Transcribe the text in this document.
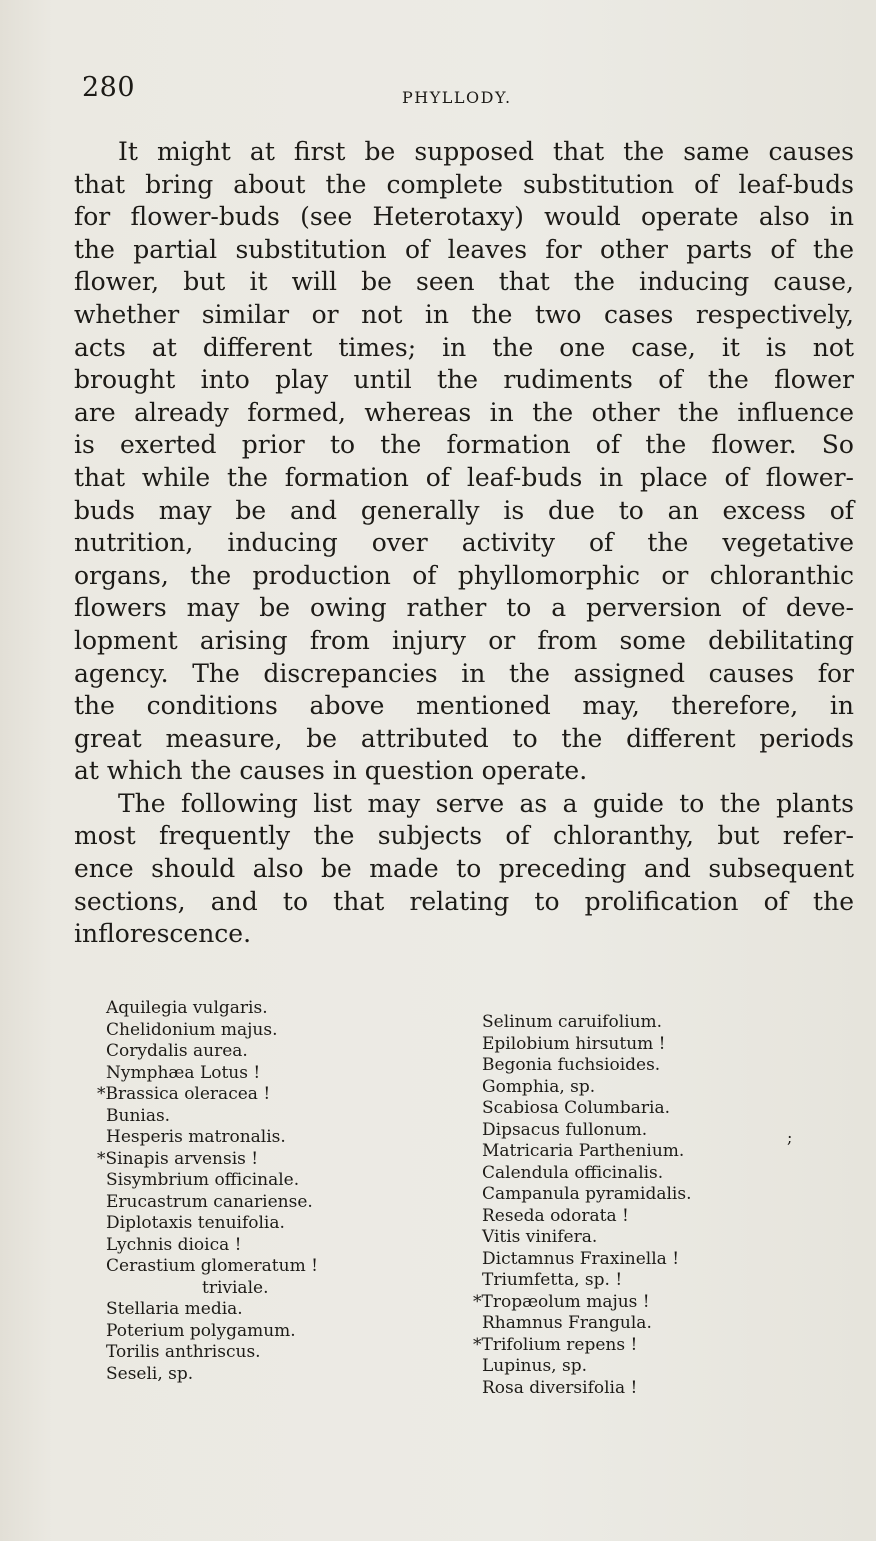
280	PHYLLODY.
It might at first be supposed that the same causes
that bring about the complete substitution of leaf-buds
for flower-buds (see Heterotaxy) would operate also in
the partial substitution of leaves for other parts of the
flower, but it will be seen that the inducing cause,
whether similar or not in the two cases respectively,
acts at different times; in the one case, it is not
brought into play until the rudiments of the flower
are already formed, whereas in the other the influence
is exerted prior to the formation of the flower. So
that while the formation of leaf-buds in place of flower-
buds may be and generally is due to an excess of
nutrition, inducing over activity of the vegetative
organs, the production of phyllomorphic or chloranthic
flowers may be owing rather to a perversion of deve-
lopment arising from injury or from some debilitating
agency. The discrepancies in the assigned causes for
the conditions above mentioned may, therefore, in
great measure, be attributed to the different periods
at which the causes in question operate.
The following list may serve as a guide to the plants
most frequently the subjects of chloranthy, but refer-
ence should also be made to preceding and subsequent
sections, and to that relating to prolification of the
inflorescence.
Aquilegia vulgaris.
Chelidonium majus.
Corydalis aurea.
Nymphæa Lotus !
*Brassica oleracea !
Bunias.
Hesperis matronalis.
*Sinapis arvensis !
Sisymbrium officinale.
Erucastrum canariense.
Diplotaxis tenuifolia.
Lychnis dioica !
Cerastium glomeratum !
triviale.
Stellaria media.
Poterium polygamum.
Torilis anthriscus.
Seseli, sp.
Selinum caruifolium.
Epilobium hirsutum !
Begonia fuchsioides.
Gomphia, sp.
Scabiosa Columbaria.
Dipsacus fullonum.
Matricaria Parthenium.
Calendula officinalis.
Campanula pyramidalis.
Reseda odorata !
Vitis vinifera.
Dictamnus Fraxinella !
Triumfetta, sp. !
*Tropæolum majus !
Rhamnus Frangula.
*Trifolium repens !
Lupinus, sp.
Rosa diversifolia !
;
